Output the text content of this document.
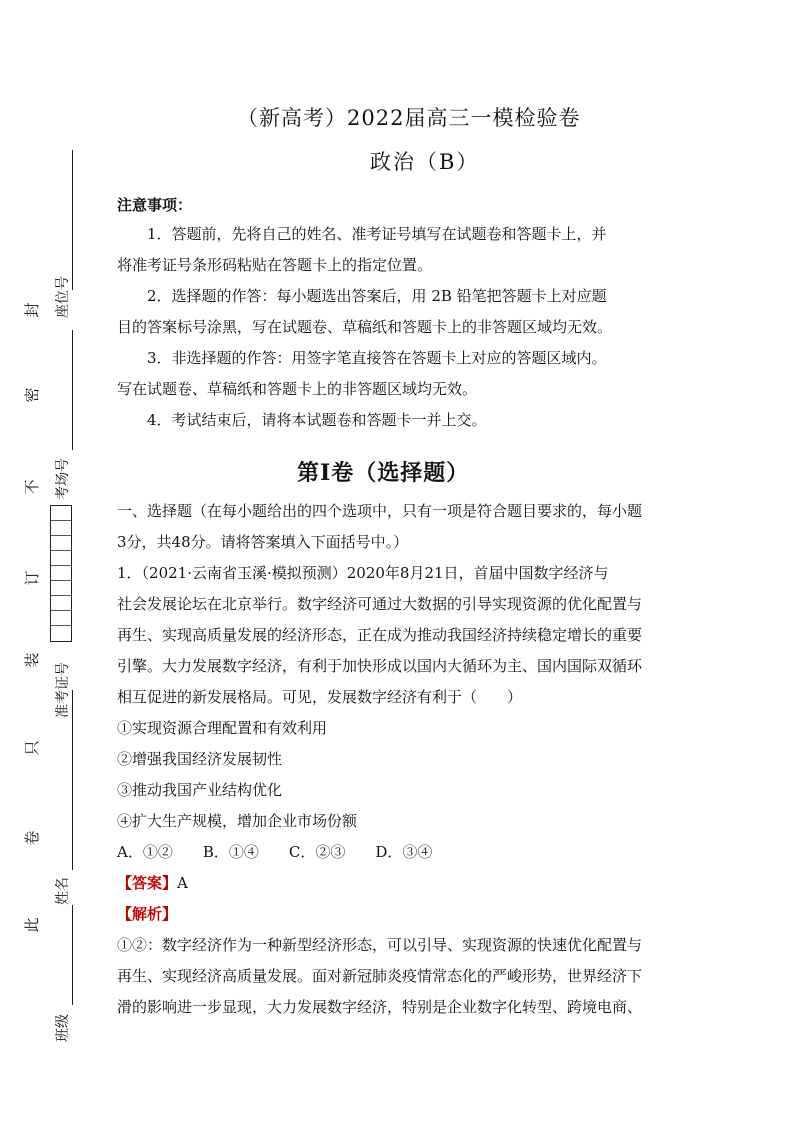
封
密
不
订
装
只
卷
此
座位号
考场号
准考证号
姓名
班级
（新高考）2022届高三一模检验卷
政治（B）
注意事项：
1．答题前，先将自己的姓名、准考证号填写在试题卷和答题卡上，并
将准考证号条形码粘贴在答题卡上的指定位置。
2．选择题的作答：每小题选出答案后，用 2B 铅笔把答题卡上对应题
目的答案标号涂黑，写在试题卷、草稿纸和答题卡上的非答题区域均无效。
3．非选择题的作答：用签字笔直接答在答题卡上对应的答题区域内。
写在试题卷、草稿纸和答题卡上的非答题区域均无效。
4．考试结束后，请将本试题卷和答题卡一并上交。
第Ⅰ卷（选择题）
一、选择题（在每小题给出的四个选项中，只有一项是符合题目要求的，每小题
3分，共48分。请将答案填入下面括号中。）
1．（2021·云南省玉溪·模拟预测）2020年8月21日，首届中国数字经济与
社会发展论坛在北京举行。数字经济可通过大数据的引导实现资源的优化配置与
再生、实现高质量发展的经济形态，正在成为推动我国经济持续稳定增长的重要
引擎。大力发展数字经济，有利于加快形成以国内大循环为主、国内国际双循环
相互促进的新发展格局。可见，发展数字经济有利于（　　）
①实现资源合理配置和有效利用
②增强我国经济发展韧性
③推动我国产业结构优化
④扩大生产规模，增加企业市场份额
A．①②　　B．①④　　C．②③　　D．③④
【答案】A
【解析】
①②：数字经济作为一种新型经济形态，可以引导、实现资源的快速优化配置与
再生、实现经济高质量发展。面对新冠肺炎疫情常态化的严峻形势，世界经济下
滑的影响进一步显现，大力发展数字经济，特别是企业数字化转型、跨境电商、
